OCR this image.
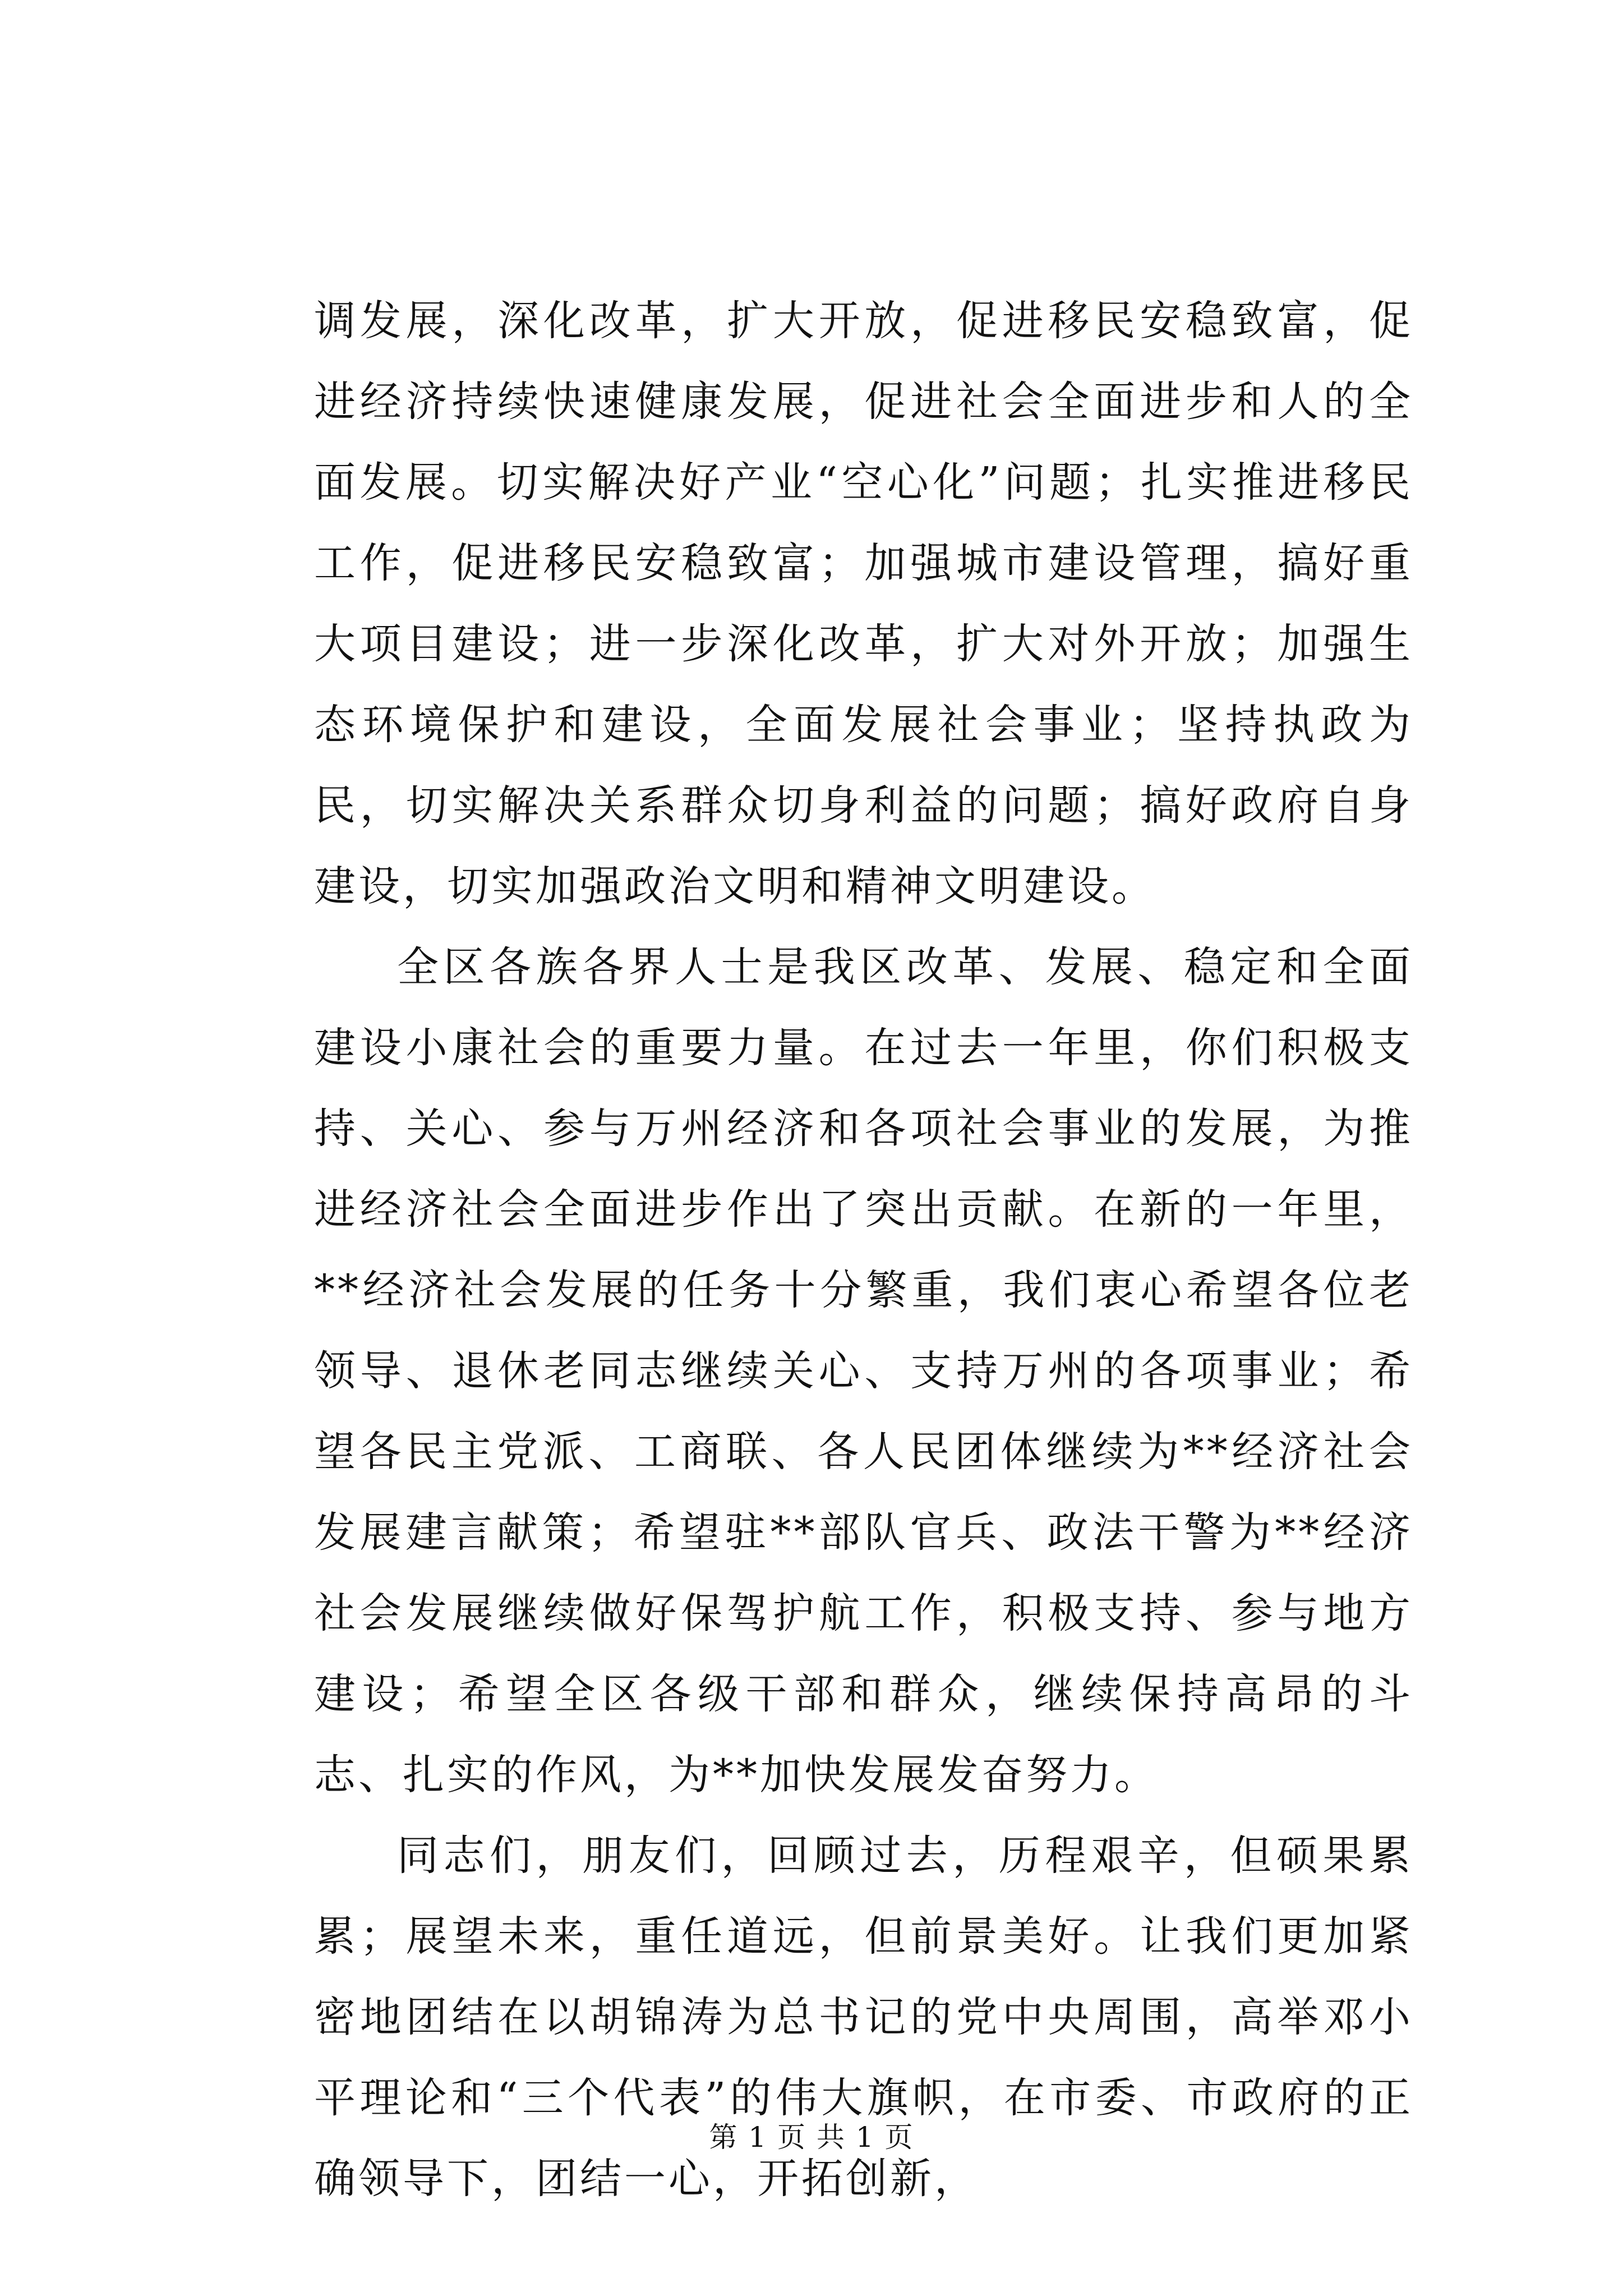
调发展，深化改革，扩大开放，促进移民安稳致富，促进经济持续快速健康发展，促进社会全面进步和人的全面发展。切实解决好产业“空心化”问题；扎实推进移民工作，促进移民安稳致富；加强城市建设管理，搞好重大项目建设；进一步深化改革，扩大对外开放；加强生态环境保护和建设，全面发展社会事业；坚持执政为民，切实解决关系群众切身利益的问题；搞好政府自身建设，切实加强政治文明和精神文明建设。

全区各族各界人士是我区改革、发展、稳定和全面建设小康社会的重要力量。在过去一年里，你们积极支持、关心、参与万州经济和各项社会事业的发展，为推进经济社会全面进步作出了突出贡献。在新的一年里，**经济社会发展的任务十分繁重，我们衷心希望各位老领导、退休老同志继续关心、支持万州的各项事业；希望各民主党派、工商联、各人民团体继续为**经济社会发展建言献策；希望驻**部队官兵、政法干警为**经济社会发展继续做好保驾护航工作，积极支持、参与地方建设；希望全区各级干部和群众，继续保持高昂的斗志、扎实的作风，为**加快发展发奋努力。

同志们，朋友们，回顾过去，历程艰辛，但硕果累累；展望未来，重任道远，但前景美好。让我们更加紧密地团结在以胡锦涛为总书记的党中央周围，高举邓小平理论和“三个代表”的伟大旗帜，在市委、市政府的正确领导下，团结一心，开拓创新，

第 1 页 共 1 页
